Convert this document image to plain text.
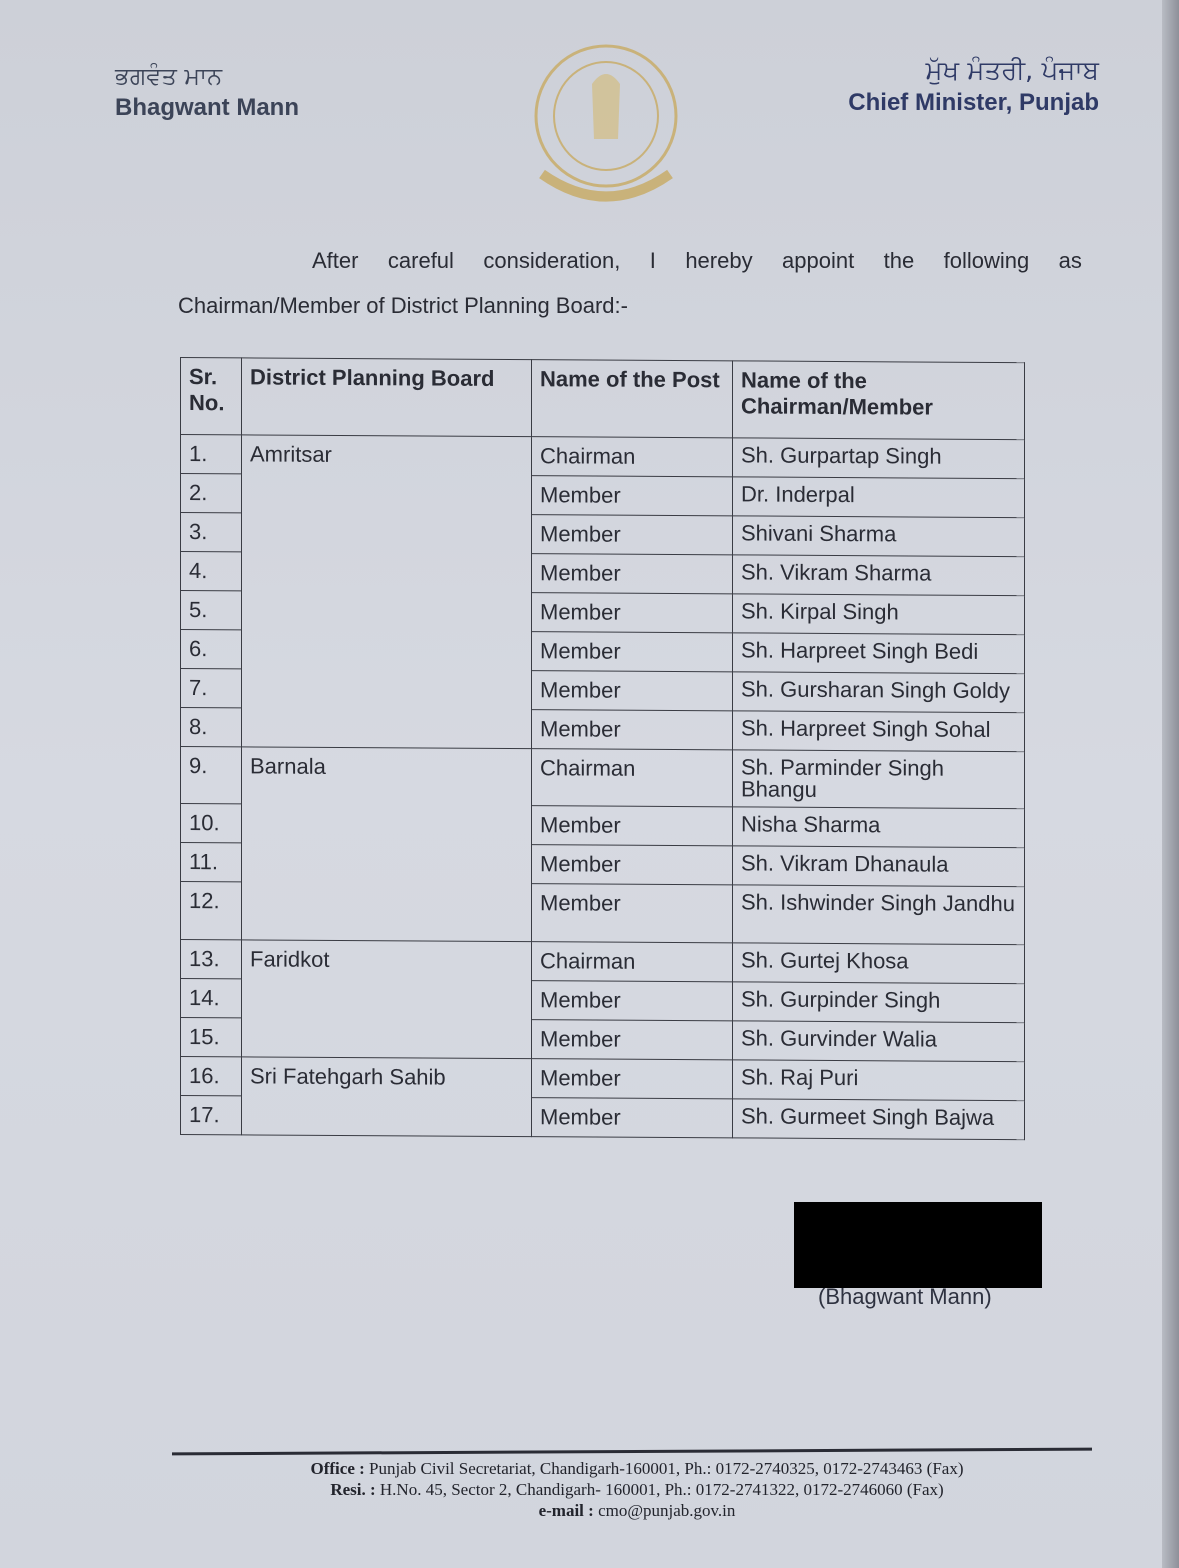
ਭਗਵੰਤ ਮਾਨ
Bhagwant Mann
ਮੁੱਖ ਮੰਤਰੀ, ਪੰਜਾਬ
Chief Minister, Punjab
After careful consideration, I hereby appoint the following as
Chairman/Member of District Planning Board:-
Sr. No.	District Planning Board	Name of the Post	Name of the Chairman/Member
1.	Amritsar	Chairman	Sh. Gurpartap Singh
2.		Member	Dr. Inderpal
3.		Member	Shivani Sharma
4.		Member	Sh. Vikram Sharma
5.		Member	Sh. Kirpal Singh
6.		Member	Sh. Harpreet Singh Bedi
7.		Member	Sh. Gursharan Singh Goldy
8.		Member	Sh. Harpreet Singh Sohal
9.	Barnala	Chairman	Sh. Parminder Singh Bhangu
10.		Member	Nisha Sharma
11.		Member	Sh. Vikram Dhanaula
12.		Member	Sh. Ishwinder Singh Jandhu
13.	Faridkot	Chairman	Sh. Gurtej Khosa
14.		Member	Sh. Gurpinder Singh
15.		Member	Sh. Gurvinder Walia
16.	Sri Fatehgarh Sahib	Member	Sh. Raj Puri
17.		Member	Sh. Gurmeet Singh Bajwa
(Bhagwant Mann)
Office : Punjab Civil Secretariat, Chandigarh-160001, Ph.: 0172-2740325, 0172-2743463 (Fax)
Resi. : H.No. 45, Sector 2, Chandigarh- 160001, Ph.: 0172-2741322, 0172-2746060 (Fax)
e-mail : cmo@punjab.gov.in
